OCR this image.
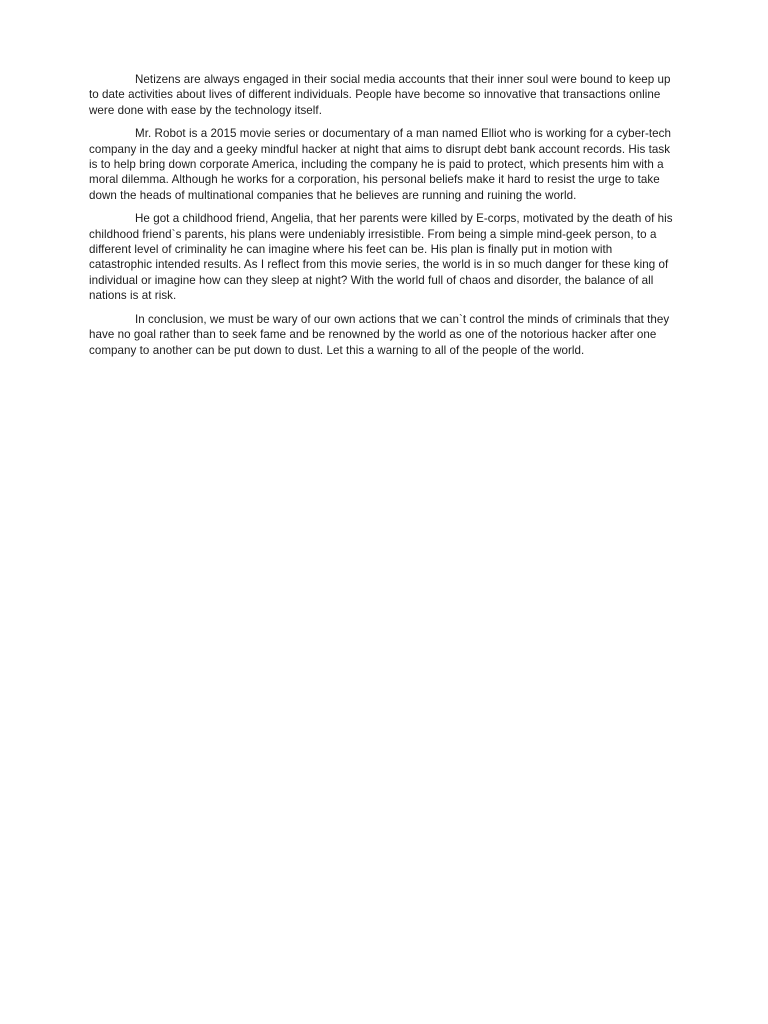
Netizens are always engaged in their social media accounts that their inner soul were bound to keep up to date activities about lives of different individuals. People have become so innovative that transactions online were done with ease by the technology itself.

Mr. Robot is a 2015 movie series or documentary of a man named Elliot who is working for a cyber-tech company in the day and a geeky mindful hacker at night that aims to disrupt debt bank account records. His task is to help bring down corporate America, including the company he is paid to protect, which presents him with a moral dilemma. Although he works for a corporation, his personal beliefs make it hard to resist the urge to take down the heads of multinational companies that he believes are running and ruining the world.

He got a childhood friend, Angelia, that her parents were killed by E-corps, motivated by the death of his childhood friend`s parents, his plans were undeniably irresistible. From being a simple mind-geek person, to a different level of criminality he can imagine where his feet can be. His plan is finally put in motion with catastrophic intended results. As I reflect from this movie series, the world is in so much danger for these king of individual or imagine how can they sleep at night? With the world full of chaos and disorder, the balance of all nations is at risk.

In conclusion, we must be wary of our own actions that we can`t control the minds of criminals that they have no goal rather than to seek fame and be renowned by the world as one of the notorious hacker after one company to another can be put down to dust. Let this a warning to all of the people of the world.
